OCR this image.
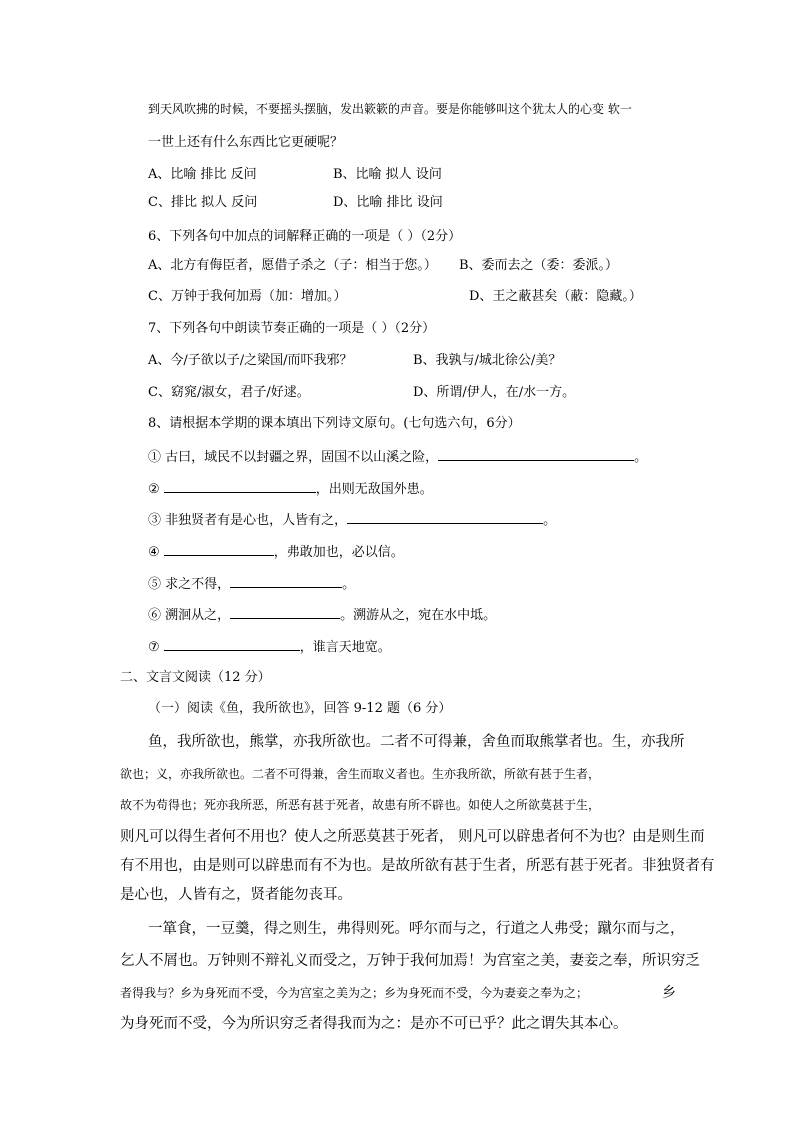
到天风吹拂的时候，不要摇头摆脑，发出簌簌的声音。要是你能够叫这个犹太人的心变 软一
一世上还有什么东西比它更硬呢？
A、比喻 排比 反问	B、比喻 拟人 设问
C、排比 拟人 反问	D、比喻 排比 设问
6、下列各句中加点的词解释正确的一项是（ ）（2分）
A、北方有侮臣者，愿借子杀之（子：相当于您。） B、委而去之（委：委派。）
C、万钟于我何加焉（加：增加。）	D、王之蔽甚矣（蔽：隐藏。）
7、下列各句中朗读节奏正确的一项是（ ）（2分）
A、今/子欲以子/之梁国/而吓我邪？	B、我孰与/城北徐公/美？
C、窈窕/淑女，君子/好逑。	D、所谓/伊人，在/水一方。
8、请根据本学期的课本填出下列诗文原句。(七句选六句，6分）
① 古曰，域民不以封疆之界，固国不以山溪之险，	。
②	，出则无敌国外患。
③ 非独贤者有是心也，人皆有之，	。
④	，弗敢加也，必以信。
⑤ 求之不得，	。
⑥ 溯洄从之，	。溯游从之，宛在水中坻。
⑦	，谁言天地宽。
二、文言文阅读（12 分）
（一）阅读《鱼，我所欲也》，回答 9-12 题（6 分）
鱼，我所欲也，熊掌，亦我所欲也。二者不可得兼，舍鱼而取熊掌者也。生，亦我所
欲也；义，亦我所欲也。二者不可得兼，舍生而取义者也。生亦我所欲，所欲有甚于生者，
故不为苟得也；死亦我所恶，所恶有甚于死者，故患有所不辟也。如使人之所欲莫甚于生，
则凡可以得生者何不用也？使人之所恶莫甚于死者， 则凡可以辟患者何不为也？由是则生而
有不用也，由是则可以辟患而有不为也。是故所欲有甚于生者，所恶有甚于死者。非独贤者有
是心也，人皆有之，贤者能勿丧耳。
一箪食，一豆羹，得之则生，弗得则死。呼尔而与之，行道之人弗受；蹴尔而与之，
乞人不屑也。万钟则不辩礼义而受之，万钟于我何加焉！为宫室之美，妻妾之奉，所识穷乏
者得我与？乡为身死而不受，今为宫室之美为之；乡为身死而不受，今为妻妾之奉为之；	乡
为身死而不受，今为所识穷乏者得我而为之：是亦不可已乎？此之谓失其本心。
